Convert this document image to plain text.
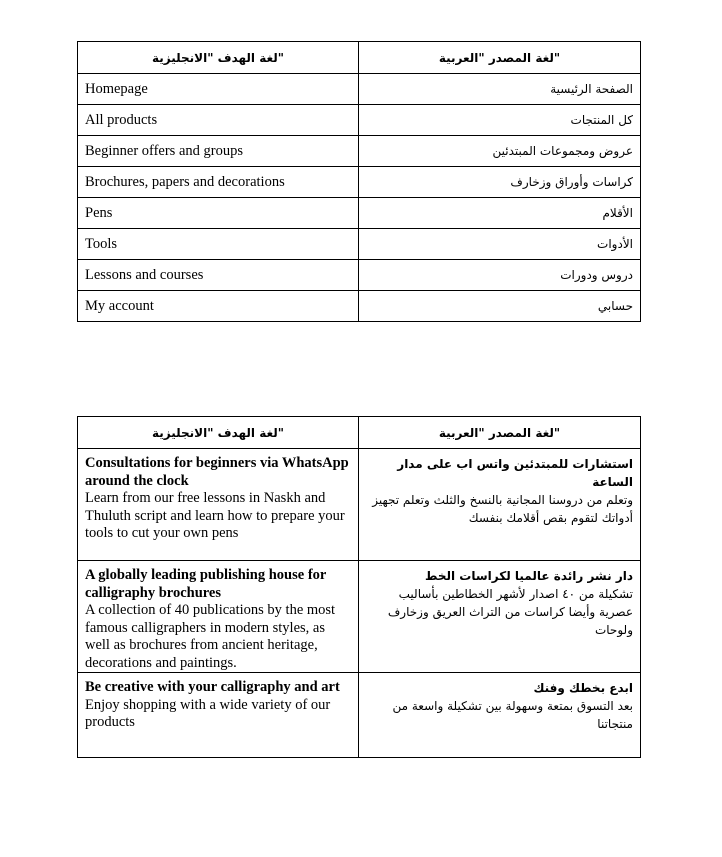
لغة الهدف "الانجليزية"	لغة المصدر "العربية"
Homepage	الصفحة الرئيسية
All products	كل المنتجات
Beginner offers and groups	عروض ومجموعات المبتدئين
Brochures, papers and decorations	كراسات وأوراق وزخارف
Pens	الأقلام
Tools	الأدوات
Lessons and courses	دروس ودورات
My account	حسابي
لغة الهدف "الانجليزية"	لغة المصدر "العربية"

Consultations for beginners via WhatsApp around the clock
Learn from our free lessons in Naskh and Thuluth script and learn how to prepare your tools to cut your own pens	استشارات للمبتدئين واتس اب على مدار الساعة
وتعلم من دروسنا المجانية بالنسخ والثلث وتعلم تجهيز أدواتك لتقوم بقص أقلامك بنفسك

A globally leading publishing house for calligraphy brochures
A collection of 40 publications by the most famous calligraphers in modern styles, as well as brochures from ancient heritage, decorations and paintings.	دار نشر رائدة عالميا لكراسات الخط
تشكيلة من ٤٠ اصدار لأشهر الخطاطين بأساليب عصرية وأيضا كراسات من التراث العريق وزخارف ولوحات

Be creative with your calligraphy and art
Enjoy shopping with a wide variety of our products	ابدع بخطك وفنك
بعد التسوق بمتعة وسهولة بين تشكيلة واسعة من منتجاتنا
